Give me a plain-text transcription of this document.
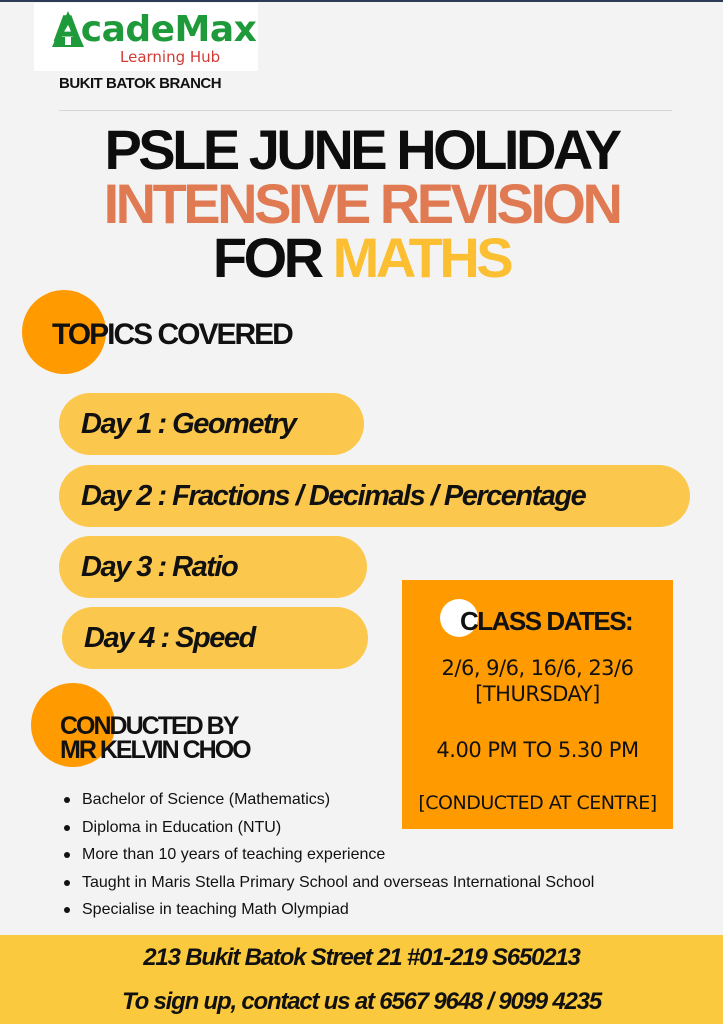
AcadeMax
Learning Hub
BUKIT BATOK BRANCH
PSLE JUNE HOLIDAY
INTENSIVE REVISION
FOR MATHS
TOPICS COVERED
Day 1 : Geometry
Day 2 : Fractions / Decimals / Percentage
Day 3 : Ratio
Day 4 : Speed
CLASS DATES:
2/6, 9/6, 16/6, 23/6
[THURSDAY]
4.00 PM TO 5.30 PM
[CONDUCTED AT CENTRE]
CONDUCTED BY
MR KELVIN CHOO
Bachelor of Science (Mathematics)
Diploma in Education (NTU)
More than 10 years of teaching experience
Taught in Maris Stella Primary School and overseas International School
Specialise in teaching Math Olympiad
213 Bukit Batok Street 21 #01-219 S650213
To sign up, contact us at 6567 9648 / 9099 4235
